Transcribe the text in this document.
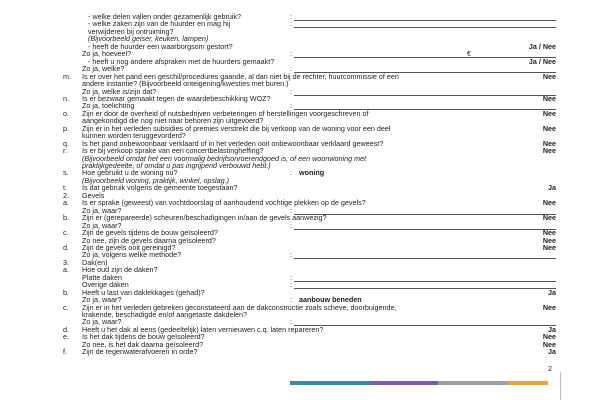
2
- welke delen vallen onder gezamenlijk gebruik?	:
- welke zaken zijn van de huurder en mag hij	:
verwijderen bij ontruiming?
(Bijvoorbeeld geiser, keuken, lampen)
- heeft de huurder een waarborgsom gestort?	Ja / Nee
Zo ja, hoeveel?	:	€
- heeft u nog andere afspraken met de huurders gemaakt?	Ja / Nee
Zo ja, welke?	:
m. Is er over het pand een geschil/procedures gaande, al dan niet bij de rechter, huurcommissie of een	Nee
andere instantie? (Bijvoorbeeld onteigening/kwesties met buren.)
Zo ja, welke is/zijn dat?	:
n. Is er bezwaar gemaakt tegen de waardebeschikking WOZ?	Nee
Zo ja, toelichting	:
o. Zijn er door de overheid of nutsbedrijven verbeteringen of herstellingen voorgeschreven of	Nee
aangekondigd die nog niet naar behoren zijn uitgevoerd?
p. Zijn er in het verleden subsidies of premies verstrekt die bij verkoop van de woning voor een deel	Nee
kunnen worden teruggevorderd?
q. Is het pand onbewoonbaar verklaard of in het verleden ooit onbewoonbaar verklaard geweest?	Nee
r. Is er bij verkoop sprake van een concertbelastingheffing?	Nee
(Bijvoorbeeld omdat het een voormalig bedrijfsonroerendgoed is, of een woonwoning met
praktijkgedeelte, of omdat u pas ingrijpend verbouwd hebt.)
s. Hoe gebruikt u de woning nu?	: woning
(Bijvoorbeeld woning, praktijk, winkel, opslag.)
t. Is dat gebruik volgens de gemeente toegestaan?	Ja
2. Gevels
a. Is er sprake (geweest) van vochtdoorslag of aanhoudend vochtige plekken op de gevels?	Nee
Zo ja, waar?	:
b. Zijn er (gerepareerde) scheuren/beschadigingen in/aan de gevels aanwezig?	Nee
Zo ja, waar?	:
c. Zijn de gevels tijdens de bouw geïsoleerd?	Nee
Zo nee, zijn de gevels daarna geïsoleerd?	Nee
d. Zijn de gevels ooit gereinigd?	Nee
Zo ja, volgens welke methode?	:
3. Dak(en)
a. Hoe oud zijn de daken?
Platte daken	:
Overige daken	:
b. Heeft u last van daklekkages (gehad)?	Ja
Zo ja, waar?	: aanbouw beneden
c. Zijn er in het verleden gebreken geconstateerd aan de dakconstructie zoals scheve, doorbuigende,	Nee
krakende, beschadigde en/of aangetaste dakdelen?
Zo ja, waar?	:
d. Heeft u het dak al eens (gedeeltelijk) laten vernieuwen c.q. laten repareren?	Ja
e. Is het dak tijdens de bouw geïsoleerd?	Nee
Zo nee, is het dak daarna geïsoleerd?	Nee
f. Zijn de regenwaterafvoeren in orde?	Ja
